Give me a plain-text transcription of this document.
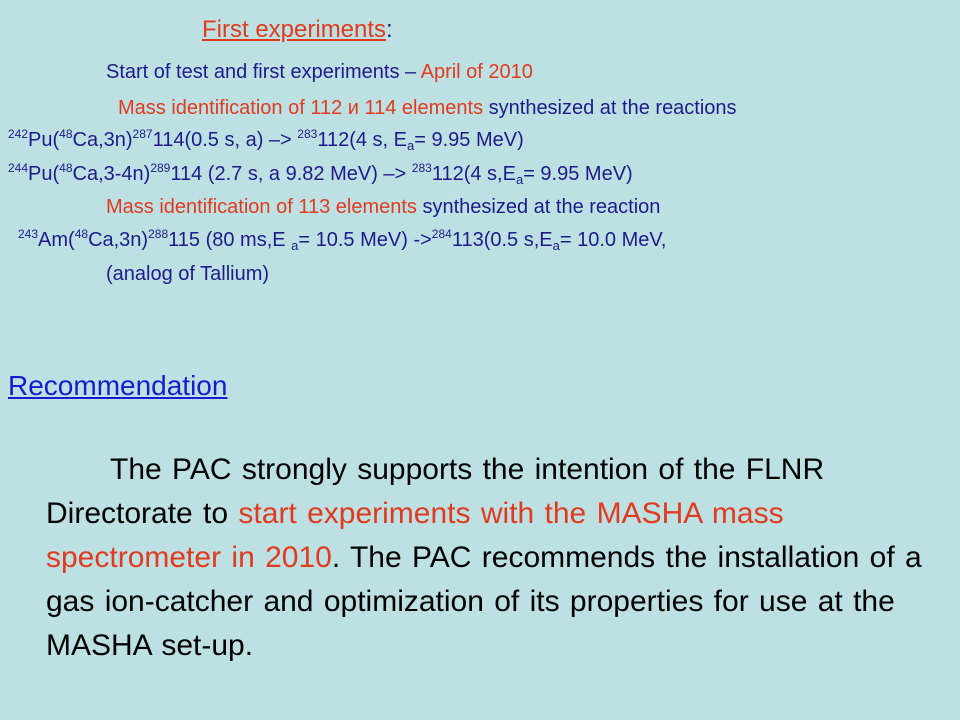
First experiments:
Start of test and first experiments – April of 2010
Mass identification of 112 и 114 elements synthesized at the reactions
$^{242}Pu(^{48}Ca,3n)^{287}114(0.5$ s, a) –> $^{283}$112(4 s, $E_a= 9.95$ MeV)
$^{244}Pu(^{48}Ca,3-4n)^{289}114$ (2.7 s, a 9.82 MeV) –> $^{283}$112(4 $s,E_a= 9.95$ MeV)
Mass identification of 113 elements synthesized at the reaction
$^{243}Am(^{48}Ca,3n)^{288}115$ (80 ms,E $_a$= 10.5 MeV) ->$^{284}$113(0.5 $s,E_a= 10.0$ MeV,
(analog of Tallium)
Recommendation
The PAC strongly supports the intention of the FLNR Directorate to start experiments with the MASHA mass spectrometer in 2010. The PAC recommends the installation of a gas ion-catcher and optimization of its properties for use at the MASHA set-up.
